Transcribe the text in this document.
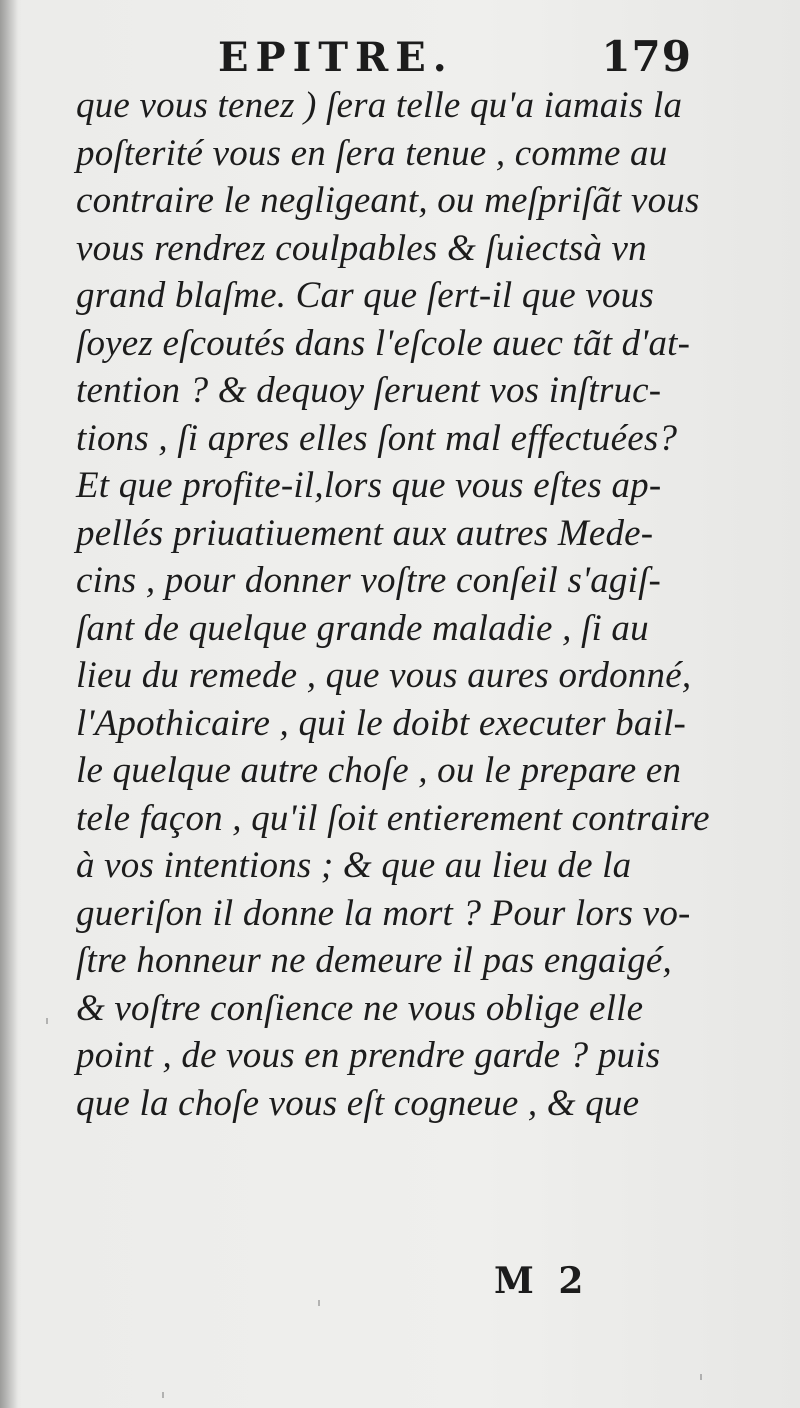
EPITRE.	179

que vous tenez ) ſera telle qu'a iamais la

poſterité vous en ſera tenue , comme au

contraire le negligeant, ou meſpriſãt vous

vous rendrez coulpables & ſuiectsà vn

grand blaſme. Car que ſert-il que vous

ſoyez eſcoutés dans l'eſcole auec tãt d'at-

tention ? & dequoy ſeruent vos inſtruc-

tions , ſi apres elles ſont mal effectuées?

Et que profite-il,lors que vous eſtes ap-

pellés priuatiuement aux autres Mede-

cins , pour donner voſtre conſeil s'agiſ-

ſant de quelque grande maladie , ſi au

lieu du remede , que vous aures ordonné,

l'Apothicaire , qui le doibt executer bail-

le quelque autre choſe , ou le prepare en

tele façon , qu'il ſoit entierement contraire

à vos intentions ; & que au lieu de la

gueriſon il donne la mort ? Pour lors vo-

ſtre honneur ne demeure il pas engaigé,

& voſtre conſience ne vous oblige elle

point , de vous en prendre garde ? puis

que la choſe vous eſt cogneue , & que

M 2
